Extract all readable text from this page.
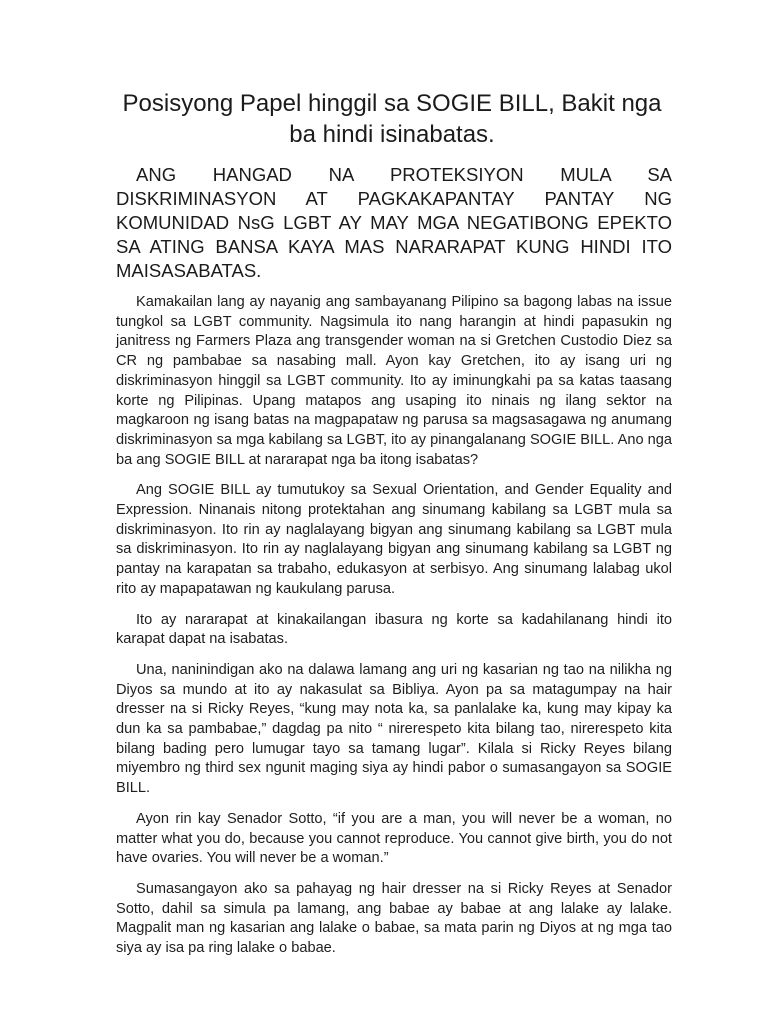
Posisyong Papel hinggil sa SOGIE BILL, Bakit nga ba hindi isinabatas.
ANG HANGAD NA PROTEKSIYON MULA SA DISKRIMINASYON AT PAGKAKAPANTAY PANTAY NG KOMUNIDAD NsG LGBT AY MAY MGA NEGATIBONG EPEKTO SA ATING BANSA KAYA MAS NARARAPAT KUNG HINDI ITO MAISASABATAS.

Kamakailan lang ay nayanig ang sambayanang Pilipino sa bagong labas na issue tungkol sa LGBT community. Nagsimula ito nang harangin at hindi papasukin ng janitress ng Farmers Plaza ang transgender woman na si Gretchen Custodio Diez sa CR ng pambabae sa nasabing mall. Ayon kay Gretchen, ito ay isang uri ng diskriminasyon hinggil sa LGBT community. Ito ay iminungkahi pa sa katas taasang korte ng Pilipinas. Upang matapos ang usaping ito ninais ng ilang sektor na magkaroon ng isang batas na magpapataw ng parusa sa magsasagawa ng anumang diskriminasyon sa mga kabilang sa LGBT, ito ay pinangalanang SOGIE BILL. Ano nga ba ang SOGIE BILL at nararapat nga ba itong isabatas?

Ang SOGIE BILL ay tumutukoy sa Sexual Orientation, and Gender Equality and Expression. Ninanais nitong protektahan ang sinumang kabilang sa LGBT mula sa diskriminasyon. Ito rin ay naglalayang bigyan ang sinumang kabilang sa LGBT mula sa diskriminasyon. Ito rin ay naglalayang bigyan ang sinumang kabilang sa LGBT ng pantay na karapatan sa trabaho, edukasyon at serbisyo. Ang sinumang lalabag ukol rito ay mapapatawan ng kaukulang parusa.

Ito ay nararapat at kinakailangan ibasura ng korte sa kadahilanang hindi ito karapat dapat na isabatas.

Una, naninindigan ako na dalawa lamang ang uri ng kasarian ng tao na nilikha ng Diyos sa mundo at ito ay nakasulat sa Bibliya. Ayon pa sa matagumpay na hair dresser na si Ricky Reyes, “kung may nota ka, sa panlalake ka, kung may kipay ka dun ka sa pambabae,” dagdag pa nito “ nirerespeto kita bilang tao, nirerespeto kita bilang bading pero lumugar tayo sa tamang lugar”. Kilala si Ricky Reyes bilang miyembro ng third sex ngunit maging siya ay hindi pabor o sumasangayon sa SOGIE BILL.

Ayon rin kay Senador Sotto, “if you are a man, you will never be a woman, no matter what you do, because you cannot reproduce. You cannot give birth, you do not have ovaries. You will never be a woman.”

Sumasangayon ako sa pahayag ng hair dresser na si Ricky Reyes at Senador Sotto, dahil sa simula pa lamang, ang babae ay babae at ang lalake ay lalake. Magpalit man ng kasarian ang lalake o babae, sa mata parin ng Diyos at ng mga tao siya ay isa pa ring lalake o babae.
